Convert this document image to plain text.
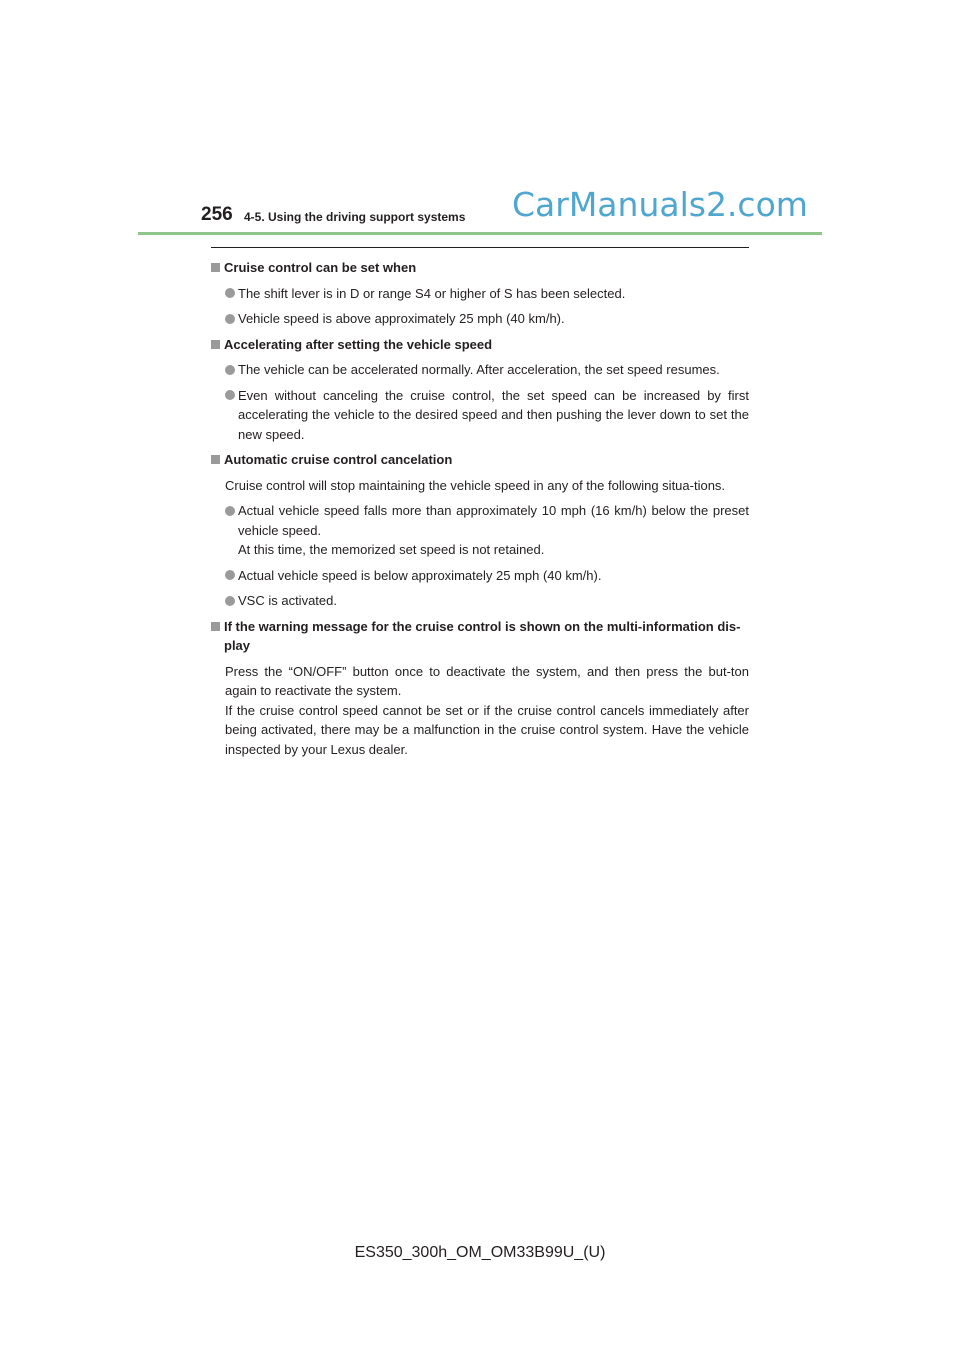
256 4-5. Using the driving support systems CarManuals2.com
Cruise control can be set when
The shift lever is in D or range S4 or higher of S has been selected.
Vehicle speed is above approximately 25 mph (40 km/h).
Accelerating after setting the vehicle speed
The vehicle can be accelerated normally. After acceleration, the set speed resumes.
Even without canceling the cruise control, the set speed can be increased by first accelerating the vehicle to the desired speed and then pushing the lever down to set the new speed.
Automatic cruise control cancelation
Cruise control will stop maintaining the vehicle speed in any of the following situa-tions.
Actual vehicle speed falls more than approximately 10 mph (16 km/h) below the preset vehicle speed.
At this time, the memorized set speed is not retained.
Actual vehicle speed is below approximately 25 mph (40 km/h).
VSC is activated.
If the warning message for the cruise control is shown on the multi-information dis-play
Press the “ON/OFF” button once to deactivate the system, and then press the but-ton again to reactivate the system.
If the cruise control speed cannot be set or if the cruise control cancels immediately after being activated, there may be a malfunction in the cruise control system. Have the vehicle inspected by your Lexus dealer.
ES350_300h_OM_OM33B99U_(U)
